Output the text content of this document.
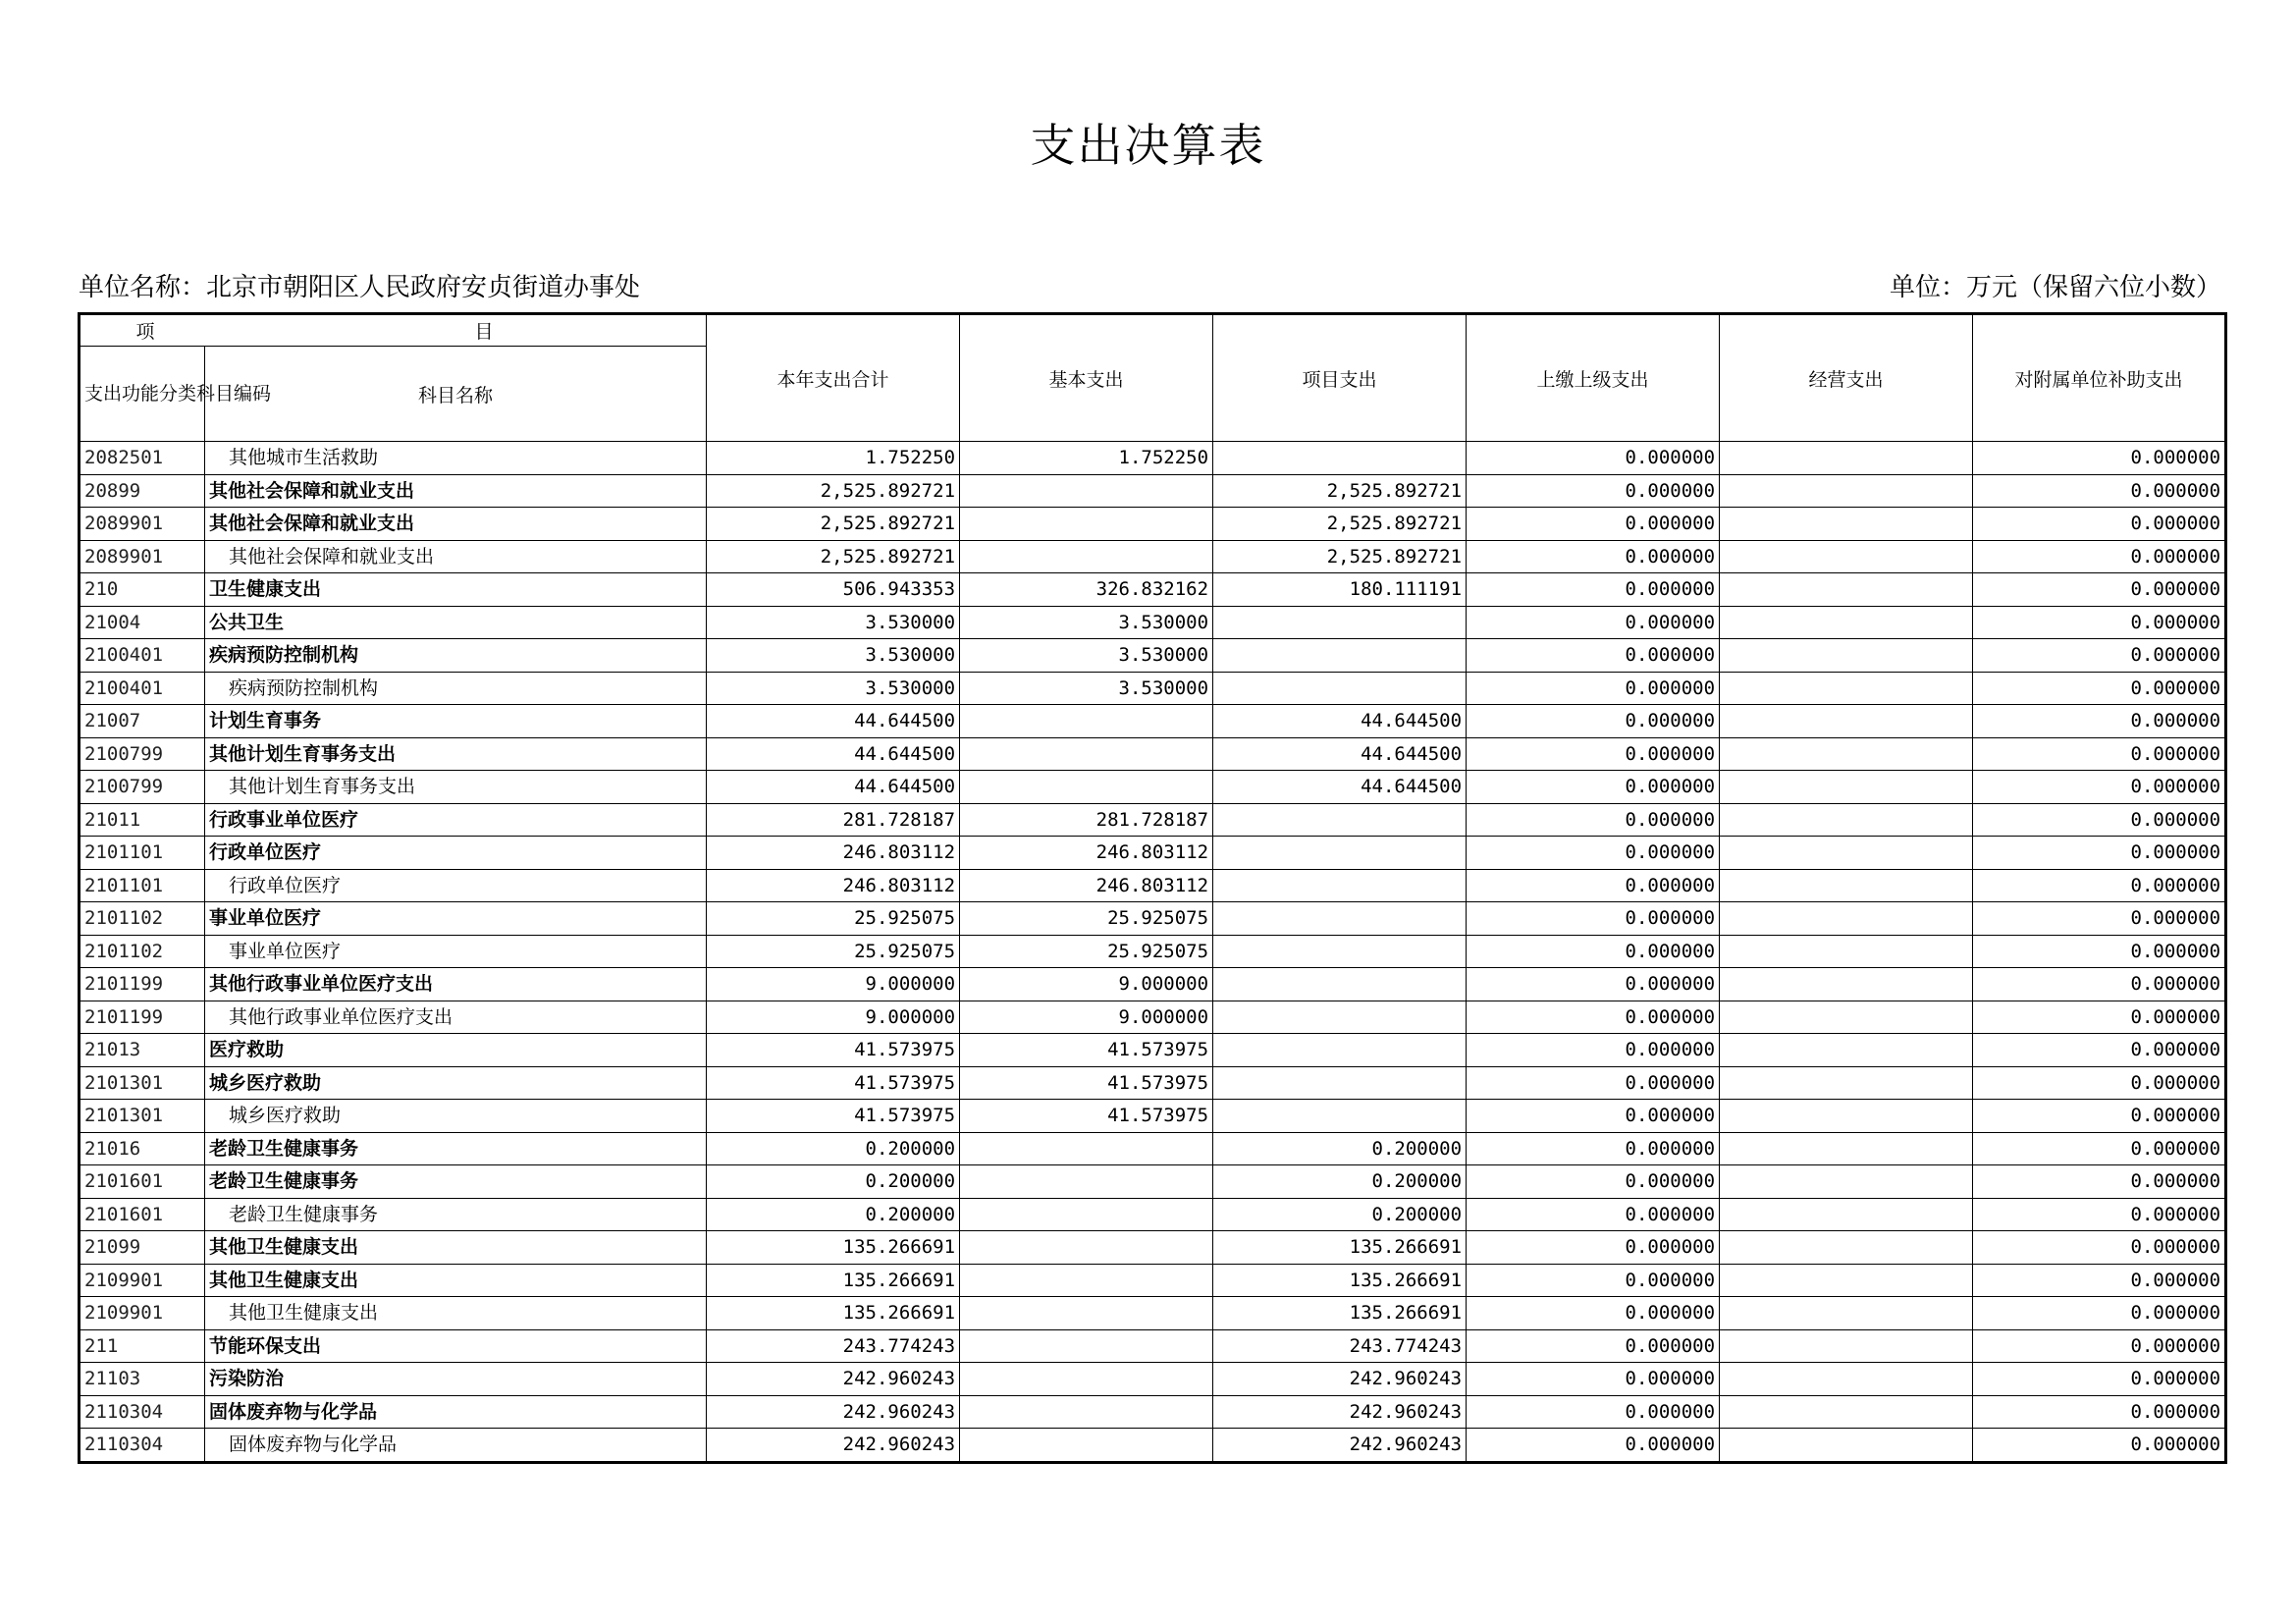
支出决算表
单位名称：北京市朝阳区人民政府安贞街道办事处	单位：万元（保留六位小数）
项 目		本年支出合计	基本支出	项目支出	上缴上级支出	经营支出	对附属单位补助支出
支出功能分类科目编码	科目名称						
2082501	其他城市生活救助	1.752250	1.752250		0.000000		0.000000
20899	其他社会保障和就业支出	2,525.892721		2,525.892721	0.000000		0.000000
2089901	其他社会保障和就业支出	2,525.892721		2,525.892721	0.000000		0.000000
2089901	其他社会保障和就业支出	2,525.892721		2,525.892721	0.000000		0.000000
210	卫生健康支出	506.943353	326.832162	180.111191	0.000000		0.000000
21004	公共卫生	3.530000	3.530000		0.000000		0.000000
2100401	疾病预防控制机构	3.530000	3.530000		0.000000		0.000000
2100401	疾病预防控制机构	3.530000	3.530000		0.000000		0.000000
21007	计划生育事务	44.644500		44.644500	0.000000		0.000000
2100799	其他计划生育事务支出	44.644500		44.644500	0.000000		0.000000
2100799	其他计划生育事务支出	44.644500		44.644500	0.000000		0.000000
21011	行政事业单位医疗	281.728187	281.728187		0.000000		0.000000
2101101	行政单位医疗	246.803112	246.803112		0.000000		0.000000
2101101	行政单位医疗	246.803112	246.803112		0.000000		0.000000
2101102	事业单位医疗	25.925075	25.925075		0.000000		0.000000
2101102	事业单位医疗	25.925075	25.925075		0.000000		0.000000
2101199	其他行政事业单位医疗支出	9.000000	9.000000		0.000000		0.000000
2101199	其他行政事业单位医疗支出	9.000000	9.000000		0.000000		0.000000
21013	医疗救助	41.573975	41.573975		0.000000		0.000000
2101301	城乡医疗救助	41.573975	41.573975		0.000000		0.000000
2101301	城乡医疗救助	41.573975	41.573975		0.000000		0.000000
21016	老龄卫生健康事务	0.200000		0.200000	0.000000		0.000000
2101601	老龄卫生健康事务	0.200000		0.200000	0.000000		0.000000
2101601	老龄卫生健康事务	0.200000		0.200000	0.000000		0.000000
21099	其他卫生健康支出	135.266691		135.266691	0.000000		0.000000
2109901	其他卫生健康支出	135.266691		135.266691	0.000000		0.000000
2109901	其他卫生健康支出	135.266691		135.266691	0.000000		0.000000
211	节能环保支出	243.774243		243.774243	0.000000		0.000000
21103	污染防治	242.960243		242.960243	0.000000		0.000000
2110304	固体废弃物与化学品	242.960243		242.960243	0.000000		0.000000
2110304	固体废弃物与化学品	242.960243		242.960243	0.000000		0.000000
